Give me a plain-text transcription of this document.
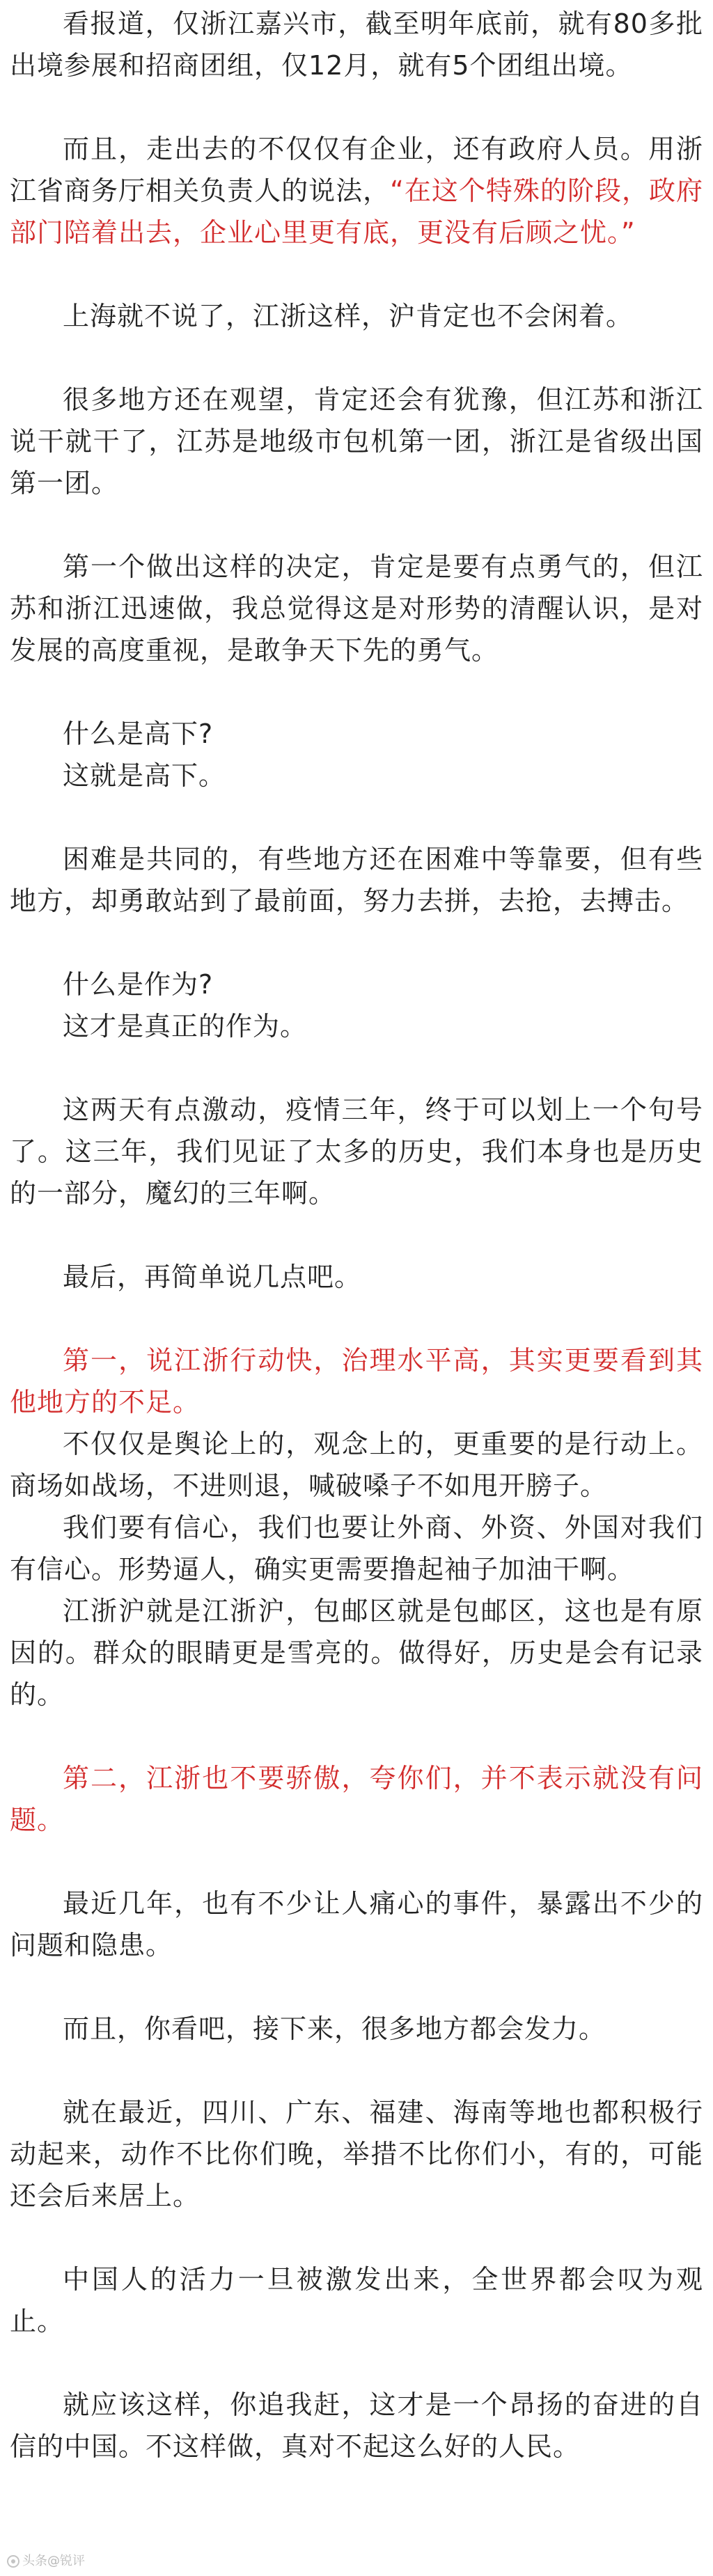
看报道，仅浙江嘉兴市，截至明年底前，就有80多批出境参展和招商团组，仅12月，就有5个团组出境。

而且，走出去的不仅仅有企业，还有政府人员。用浙江省商务厅相关负责人的说法，“在这个特殊的阶段，政府部门陪着出去，企业心里更有底，更没有后顾之忧。”

上海就不说了，江浙这样，沪肯定也不会闲着。

很多地方还在观望，肯定还会有犹豫，但江苏和浙江说干就干了，江苏是地级市包机第一团，浙江是省级出国第一团。

第一个做出这样的决定，肯定是要有点勇气的，但江苏和浙江迅速做，我总觉得这是对形势的清醒认识，是对发展的高度重视，是敢争天下先的勇气。

什么是高下?
这就是高下。

困难是共同的，有些地方还在困难中等靠要，但有些地方，却勇敢站到了最前面，努力去拼，去抢，去搏击。

什么是作为?
这才是真正的作为。

这两天有点激动，疫情三年，终于可以划上一个句号了。这三年，我们见证了太多的历史，我们本身也是历史的一部分，魔幻的三年啊。

最后，再简单说几点吧。

第一，说江浙行动快，治理水平高，其实更要看到其他地方的不足。

不仅仅是舆论上的，观念上的，更重要的是行动上。商场如战场，不进则退，喊破嗓子不如甩开膀子。

我们要有信心，我们也要让外商、外资、外国对我们有信心。形势逼人，确实更需要撸起袖子加油干啊。

江浙沪就是江浙沪，包邮区就是包邮区，这也是有原因的。群众的眼睛更是雪亮的。做得好，历史是会有记录的。

第二，江浙也不要骄傲，夸你们，并不表示就没有问题。

最近几年，也有不少让人痛心的事件，暴露出不少的问题和隐患。

而且，你看吧，接下来，很多地方都会发力。

就在最近，四川、广东、福建、海南等地也都积极行动起来，动作不比你们晚，举措不比你们小，有的，可能还会后来居上。

中国人的活力一旦被激发出来，全世界都会叹为观止。

就应该这样，你追我赶，这才是一个昂扬的奋进的自信的中国。不这样做，真对不起这么好的人民。

头条@锐评
